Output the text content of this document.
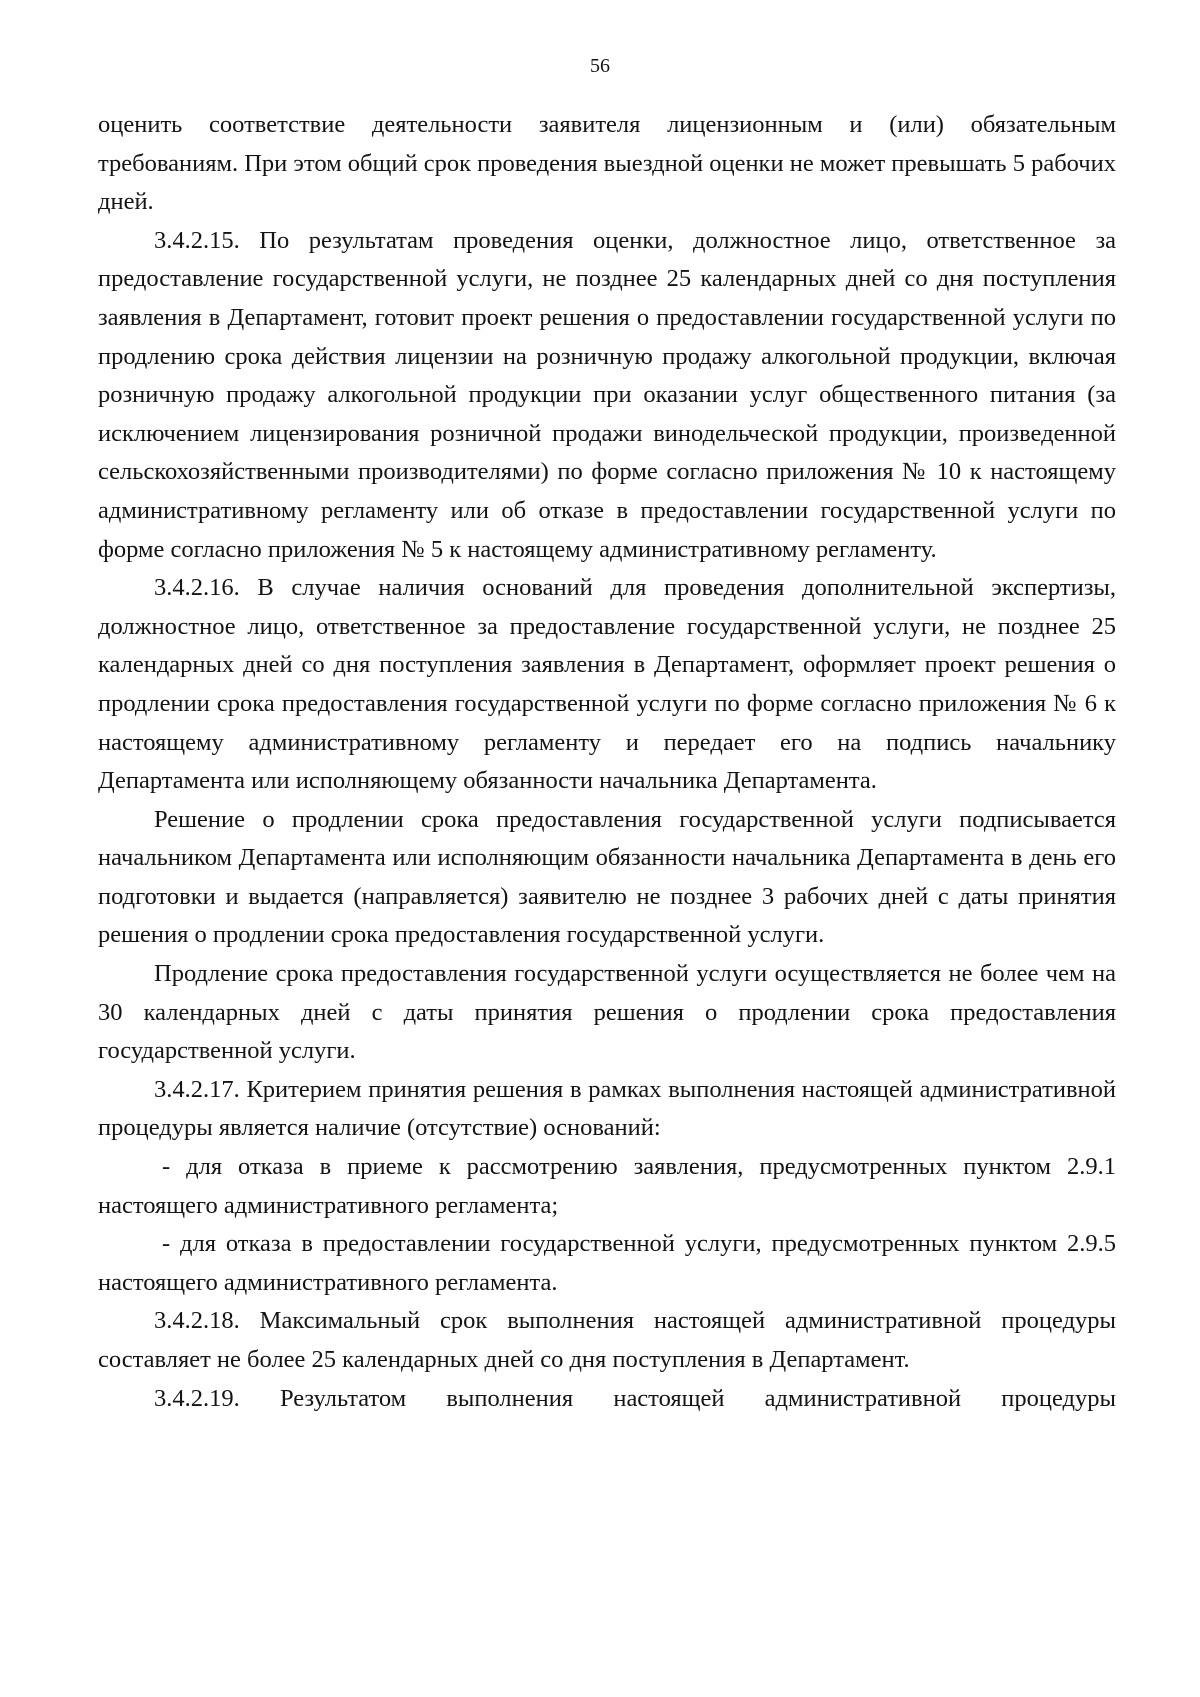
56

оценить соответствие деятельности заявителя лицензионным и (или) обязательным требованиям. При этом общий срок проведения выездной оценки не может превышать 5 рабочих дней.

3.4.2.15. По результатам проведения оценки, должностное лицо, ответственное за предоставление государственной услуги, не позднее 25 календарных дней со дня поступления заявления в Департамент, готовит проект решения о предоставлении государственной услуги по продлению срока действия лицензии на розничную продажу алкогольной продукции, включая розничную продажу алкогольной продукции при оказании услуг общественного питания (за исключением лицензирования розничной продажи винодельческой продукции, произведенной сельскохозяйственными производителями) по форме согласно приложения № 10 к настоящему административному регламенту или об отказе в предоставлении государственной услуги по форме согласно приложения № 5 к настоящему административному регламенту.

3.4.2.16. В случае наличия оснований для проведения дополнительной экспертизы, должностное лицо, ответственное за предоставление государственной услуги, не позднее 25 календарных дней со дня поступления заявления в Департамент, оформляет проект решения о продлении срока предоставления государственной услуги по форме согласно приложения № 6 к настоящему административному регламенту и передает его на подпись начальнику Департамента или исполняющему обязанности начальника Департамента.

Решение о продлении срока предоставления государственной услуги подписывается начальником Департамента или исполняющим обязанности начальника Департамента в день его подготовки и выдается (направляется) заявителю не позднее 3 рабочих дней с даты принятия решения о продлении срока предоставления государственной услуги.

Продление срока предоставления государственной услуги осуществляется не более чем на 30 календарных дней с даты принятия решения о продлении срока предоставления государственной услуги.

3.4.2.17. Критерием принятия решения в рамках выполнения настоящей административной процедуры является наличие (отсутствие) оснований:

- для отказа в приеме к рассмотрению заявления, предусмотренных пунктом 2.9.1 настоящего административного регламента;

- для отказа в предоставлении государственной услуги, предусмотренных пунктом 2.9.5 настоящего административного регламента.

3.4.2.18. Максимальный срок выполнения настоящей административной процедуры составляет не более 25 календарных дней со дня поступления в Департамент.

3.4.2.19. Результатом выполнения настоящей административной процедуры
